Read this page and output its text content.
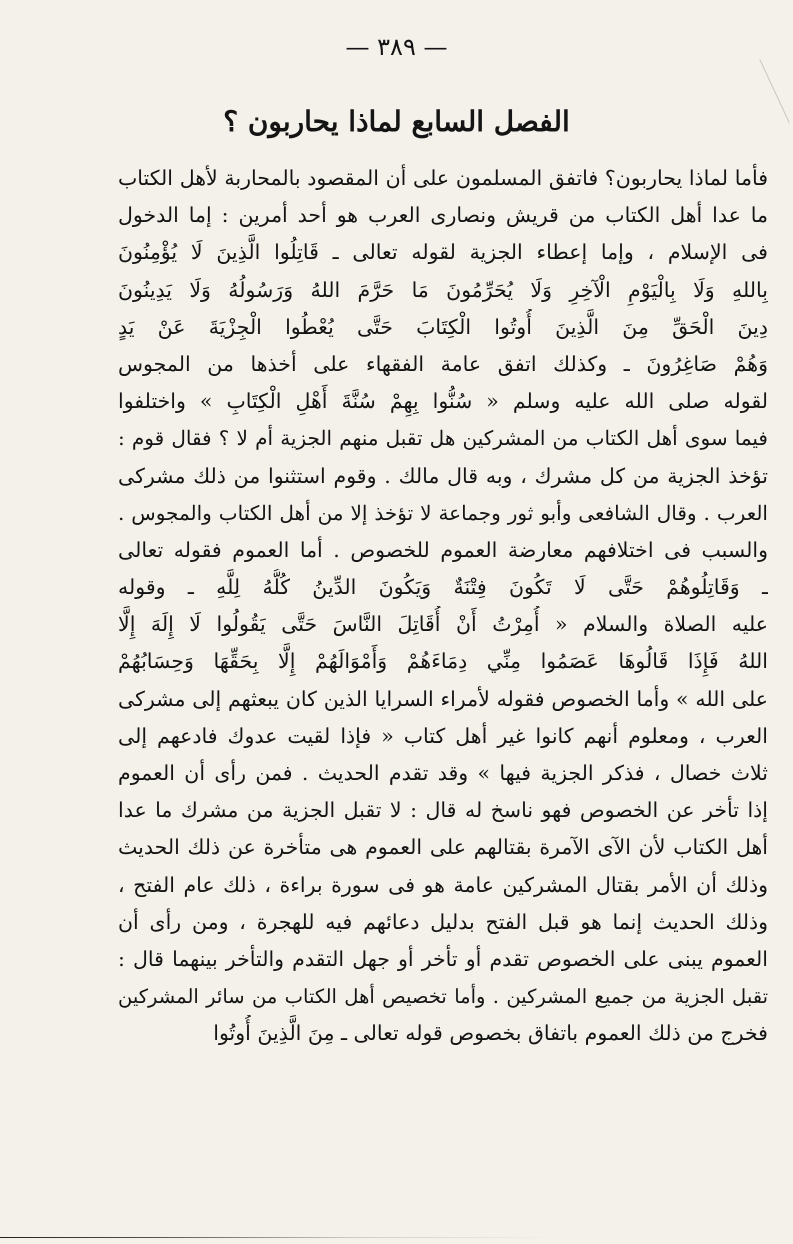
— ٣٨٩ —
الفصل السابع لماذا يحاربون ؟
فأما لماذا يحاربون؟ فاتفق المسلمون على أن المقصود بالمحاربة لأهل الكتاب
ما عدا أهل الكتاب من قريش ونصارى العرب هو أحد أمرين : إما الدخول
فى الإسلام ، وإما إعطاء الجزية لقوله تعالى ـ قَاتِلُوا الَّذِينَ لَا يُؤْمِنُونَ
بِاللهِ وَلَا بِالْيَوْمِ الْآخِرِ وَلَا يُحَرِّمُونَ مَا حَرَّمَ اللهُ وَرَسُولُهُ وَلَا يَدِينُونَ
دِينَ الْحَقِّ مِنَ الَّذِينَ أُوتُوا الْكِتَابَ حَتَّى يُعْطُوا الْجِزْيَةَ عَنْ يَدٍ
وَهُمْ صَاغِرُونَ ـ وكذلك اتفق عامة الفقهاء على أخذها من المجوس
لقوله صلى الله عليه وسلم « سُنُّوا بِهِمْ سُنَّةَ أَهْلِ الْكِتَابِ » واختلفوا
فيما سوى أهل الكتاب من المشركين هل تقبل منهم الجزية أم لا ؟ فقال قوم :
تؤخذ الجزية من كل مشرك ، وبه قال مالك . وقوم استثنوا من ذلك مشركى
العرب . وقال الشافعى وأبو ثور وجماعة لا تؤخذ إلا من أهل الكتاب والمجوس .
والسبب فى اختلافهم معارضة العموم للخصوص . أما العموم فقوله تعالى
ـ وَقَاتِلُوهُمْ حَتَّى لَا تَكُونَ فِتْنَةٌ وَيَكُونَ الدِّينُ كُلُّهُ لِلَّهِ ـ وقوله
عليه الصلاة والسلام « أُمِرْتُ أَنْ أُقَاتِلَ النَّاسَ حَتَّى يَقُولُوا لَا إِلَهَ إِلَّا
اللهُ فَإِذَا قَالُوهَا عَصَمُوا مِنِّي دِمَاءَهُمْ وَأَمْوَالَهُمْ إِلَّا بِحَقِّهَا وَحِسَابُهُمْ
على الله » وأما الخصوص فقوله لأمراء السرايا الذين كان يبعثهم إلى مشركى
العرب ، ومعلوم أنهم كانوا غير أهل كتاب « فإذا لقيت عدوك فادعهم إلى
ثلاث خصال ، فذكر الجزية فيها » وقد تقدم الحديث . فمن رأى أن العموم
إذا تأخر عن الخصوص فهو ناسخ له قال : لا تقبل الجزية من مشرك ما عدا
أهل الكتاب لأن الآى الآمرة بقتالهم على العموم هى متأخرة عن ذلك الحديث
وذلك أن الأمر بقتال المشركين عامة هو فى سورة براءة ، ذلك عام الفتح ،
وذلك الحديث إنما هو قبل الفتح بدليل دعائهم فيه للهجرة ، ومن رأى أن
العموم يبنى على الخصوص تقدم أو تأخر أو جهل التقدم والتأخر بينهما قال :
تقبل الجزية من جميع المشركين . وأما تخصيص أهل الكتاب من سائر المشركين
فخرج من ذلك العموم باتفاق بخصوص قوله تعالى ـ مِنَ الَّذِينَ أُوتُوا
